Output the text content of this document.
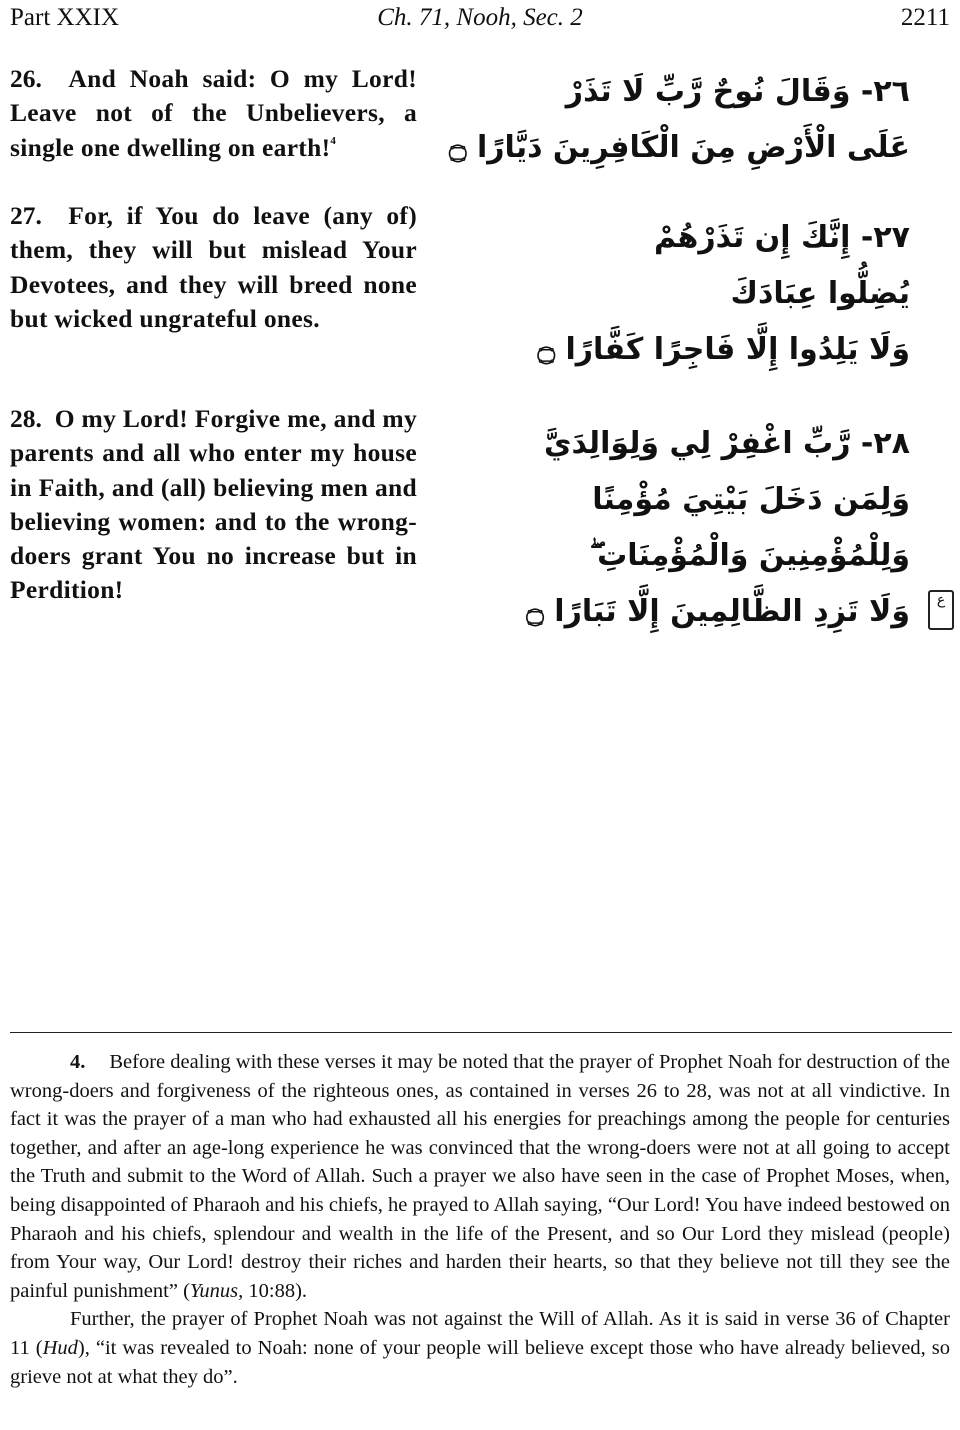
Part XXIX	Ch. 71, Nooh, Sec. 2	2211
26. And Noah said: O my Lord! Leave not of the Unbelievers, a single one dwelling on earth!$^4$
٢٦- وَقَالَ نُوحٌ رَّبِّ لَا تَذَرْ
عَلَى الْأَرْضِ مِنَ الْكَافِرِينَ دَيَّارًا ۝
27. For, if You do leave (any of) them, they will but mislead Your Devotees, and they will breed none but wicked ungrateful ones.
٢٧- إِنَّكَ إِن تَذَرْهُمْ
يُضِلُّوا عِبَادَكَ
وَلَا يَلِدُوا إِلَّا فَاجِرًا كَفَّارًا ۝
28. O my Lord! Forgive me, and my parents and all who enter my house in Faith, and (all) believing men and believing women: and to the wrong-doers grant You no increase but in Perdition!
٢٨- رَّبِّ اغْفِرْ لِي وَلِوَالِدَيَّ
وَلِمَن دَخَلَ بَيْتِيَ مُؤْمِنًا
وَلِلْمُؤْمِنِينَ وَالْمُؤْمِنَاتِ ۖ
وَلَا تَزِدِ الظَّالِمِينَ إِلَّا تَبَارًا ۝	ع

4. Before dealing with these verses it may be noted that the prayer of Prophet Noah for destruction of the wrong-doers and forgiveness of the righteous ones, as contained in verses 26 to 28, was not at all vindictive. In fact it was the prayer of a man who had exhausted all his energies for preachings among the people for centuries together, and after an age-long experience he was convinced that the wrong-doers were not at all going to accept the Truth and submit to the Word of Allah. Such a prayer we also have seen in the case of Prophet Moses, when, being disappointed of Pharaoh and his chiefs, he prayed to Allah saying, “Our Lord! You have indeed bestowed on Pharaoh and his chiefs, splendour and wealth in the life of the Present, and so Our Lord they mislead (people) from Your way, Our Lord! destroy their riches and harden their hearts, so that they believe not till they see the painful punishment” (Yunus, 10:88).

Further, the prayer of Prophet Noah was not against the Will of Allah. As it is said in verse 36 of Chapter 11 (Hud), “it was revealed to Noah: none of your people will believe except those who have already believed, so grieve not at what they do”.
